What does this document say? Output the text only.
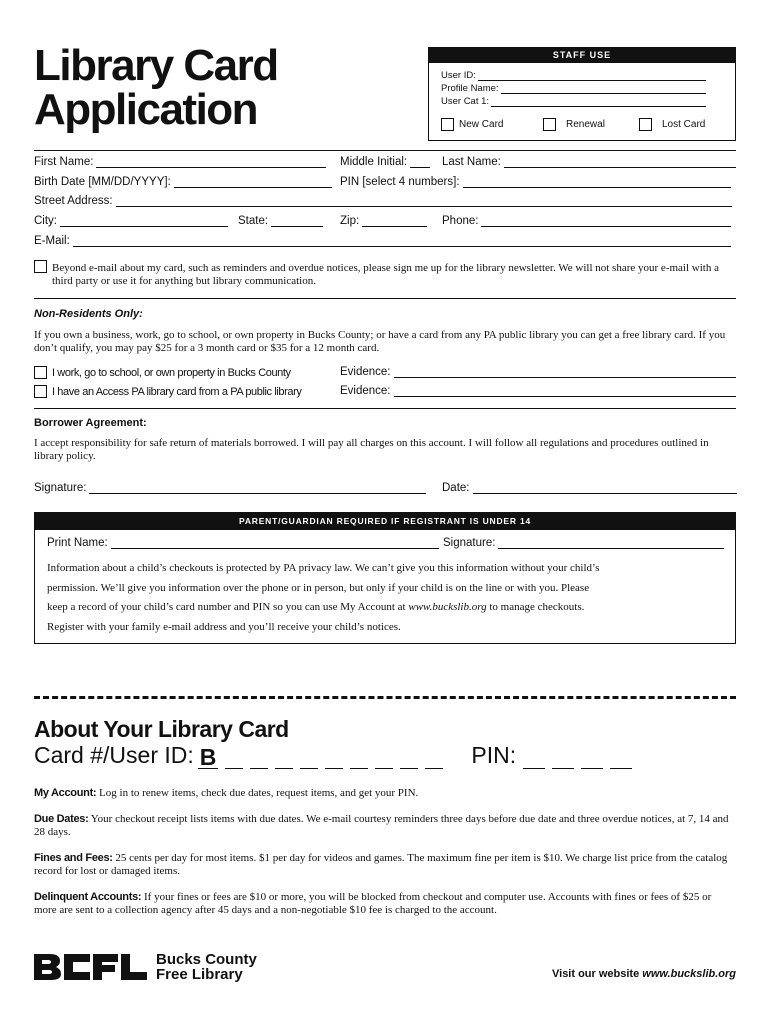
Library Card
Application
STAFF USE
User ID:
Profile Name:
User Cat 1:
New Card	Renewal	Lost Card
First Name:	Middle Initial:	Last Name:
Birth Date [MM/DD/YYYY]:	PIN [select 4 numbers]:
Street Address:
City:	State:	Zip:	Phone:
E-Mail:
Beyond e-mail about my card, such as reminders and overdue notices, please sign me up for the library newsletter. We will not share your e-mail with a third party or use it for anything but library communication.
Non-Residents Only:
If you own a business, work, go to school, or own property in Bucks County; or have a card from any PA public library you can get a free library card. If you don’t qualify, you may pay $25 for a 3 month card or $35 for a 12 month card.
I work, go to school, or own property in Bucks County	Evidence:
I have an Access PA library card from a PA public library	Evidence:
Borrower Agreement:
I accept responsibility for safe return of materials borrowed. I will pay all charges on this account. I will follow all regulations and procedures outlined in library policy.
Signature:	Date:
PARENT/GUARDIAN REQUIRED IF REGISTRANT IS UNDER 14
Print Name:	Signature:
Information about a child’s checkouts is protected by PA privacy law. We can’t give you this information without your child’s
permission. We’ll give you information over the phone or in person, but only if your child is on the line or with you. Please
keep a record of your child’s card number and PIN so you can use My Account at www.buckslib.org to manage checkouts.
Register with your family e-mail address and you’ll receive your child’s notices.
About Your Library Card
Card #/User ID: B	PIN:
My Account: Log in to renew items, check due dates, request items, and get your PIN.
Due Dates: Your checkout receipt lists items with due dates. We e-mail courtesy reminders three days before due date and three overdue notices, at 7, 14 and 28 days.
Fines and Fees: 25 cents per day for most items. $1 per day for videos and games. The maximum fine per item is $10. We charge list price from the catalog record for lost or damaged items.
Delinquent Accounts: If your fines or fees are $10 or more, you will be blocked from checkout and computer use. Accounts with fines or fees of $25 or more are sent to a collection agency after 45 days and a non-negotiable $10 fee is charged to the account.
Bucks County
Free Library	Visit our website www.buckslib.org
